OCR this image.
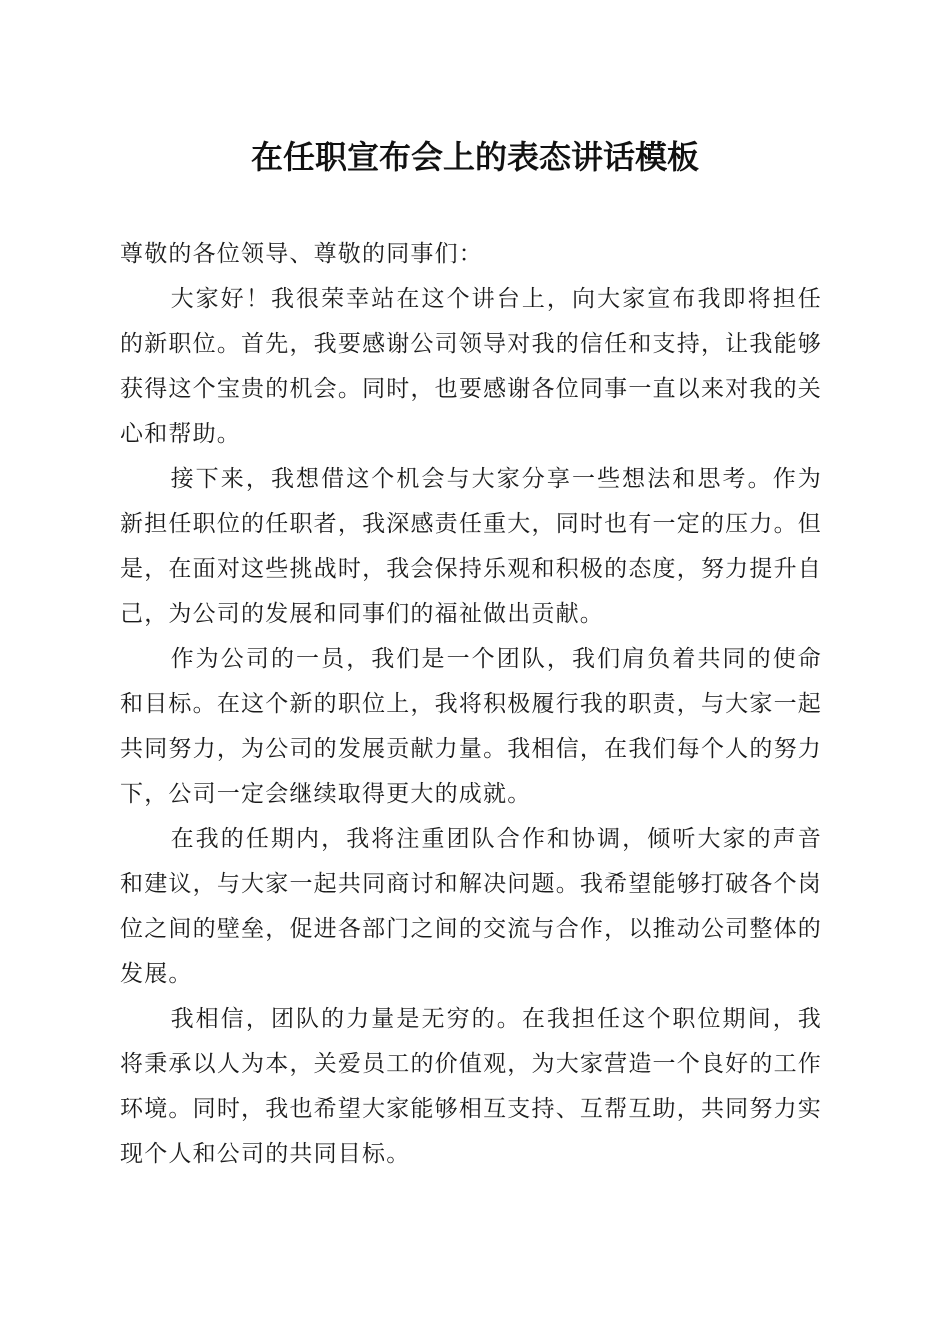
在任职宣布会上的表态讲话模板

尊敬的各位领导、尊敬的同事们：

大家好！我很荣幸站在这个讲台上，向大家宣布我即将担任的新职位。首先，我要感谢公司领导对我的信任和支持，让我能够获得这个宝贵的机会。同时，也要感谢各位同事一直以来对我的关心和帮助。

接下来，我想借这个机会与大家分享一些想法和思考。作为新担任职位的任职者，我深感责任重大，同时也有一定的压力。但是，在面对这些挑战时，我会保持乐观和积极的态度，努力提升自己，为公司的发展和同事们的福祉做出贡献。

作为公司的一员，我们是一个团队，我们肩负着共同的使命和目标。在这个新的职位上，我将积极履行我的职责，与大家一起共同努力，为公司的发展贡献力量。我相信，在我们每个人的努力下，公司一定会继续取得更大的成就。

在我的任期内，我将注重团队合作和协调，倾听大家的声音和建议，与大家一起共同商讨和解决问题。我希望能够打破各个岗位之间的壁垒，促进各部门之间的交流与合作，以推动公司整体的发展。

我相信，团队的力量是无穷的。在我担任这个职位期间，我将秉承以人为本，关爱员工的价值观，为大家营造一个良好的工作环境。同时，我也希望大家能够相互支持、互帮互助，共同努力实现个人和公司的共同目标。
